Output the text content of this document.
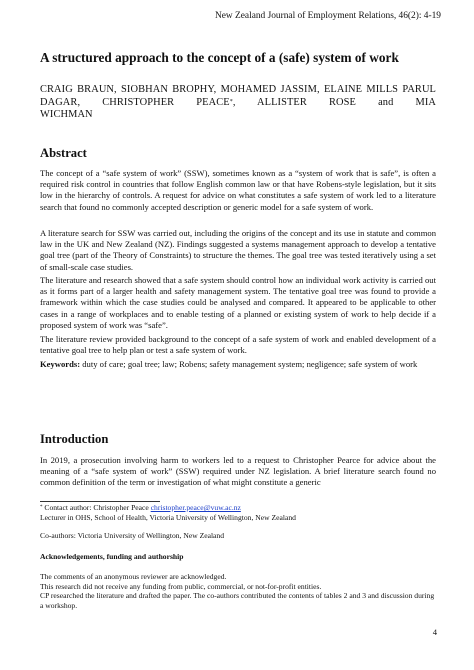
New Zealand Journal of Employment Relations, 46(2): 4-19
A structured approach to the concept of a (safe) system of work
CRAIG BRAUN, SIOBHAN BROPHY, MOHAMED JASSIM, ELAINE MILLS PARUL DAGAR, CHRISTOPHER PEACE*, ALLISTER ROSE and MIA
WICHMAN
Abstract

The concept of a “safe system of work” (SSW), sometimes known as a “system of work that is safe”, is often a required risk control in countries that follow English common law or that have Robens-style legislation, but it sits low in the hierarchy of controls. A request for advice on what constitutes a safe system of work led to a literature search that found no commonly accepted description or generic model for a safe system of work.

A literature search for SSW was carried out, including the origins of the concept and its use in statute and common law in the UK and New Zealand (NZ). Findings suggested a systems management approach to develop a tentative goal tree (part of the Theory of Constraints) to structure the themes. The goal tree was tested iteratively using a set of small-scale case studies.

The literature and research showed that a safe system should control how an individual work activity is carried out as it forms part of a larger health and safety management system. The tentative goal tree was found to provide a framework within which the case studies could be analysed and compared. It appeared to be applicable to other cases in a range of workplaces and to enable testing of a planned or existing system of work to help decide if a proposed system of work was “safe”.

The literature review provided background to the concept of a safe system of work and enabled development of a tentative goal tree to help plan or test a safe system of work.

Keywords: duty of care; goal tree; law; Robens; safety management system; negligence; safe system of work

Introduction

In 2019, a prosecution involving harm to workers led to a request to Christopher Pearce for advice about the meaning of a “safe system of work” (SSW) required under NZ legislation. A brief literature search found no common definition of the term or investigation of what might constitute a generic

* Contact author: Christopher Peace christopher.peace@vuw.ac.nz
Lecturer in OHS, School of Health, Victoria University of Wellington, New Zealand
Co-authors: Victoria University of Wellington, New Zealand
Acknowledgements, funding and authorship
The comments of an anonymous reviewer are acknowledged.
This research did not receive any funding from public, commercial, or not-for-profit entities.
CP researched the literature and drafted the paper. The co-authors contributed the contents of tables 2 and 3 and discussion during a workshop.
4
